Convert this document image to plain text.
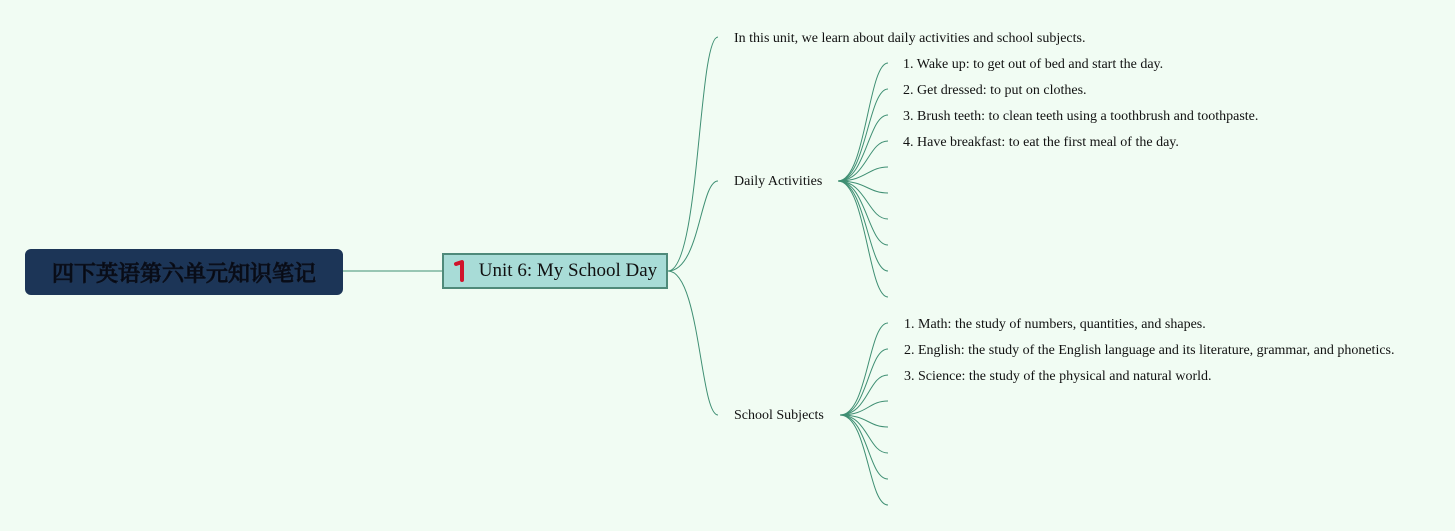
四下英语第六单元知识笔记	Unit 6: My School Day
In this unit, we learn about daily activities and school subjects.
Daily Activities
1. Wake up: to get out of bed and start the day.
2. Get dressed: to put on clothes.
3. Brush teeth: to clean teeth using a toothbrush and toothpaste.
4. Have breakfast: to eat the first meal of the day.
School Subjects
1. Math: the study of numbers, quantities, and shapes.
2. English: the study of the English language and its literature, grammar, and phonetics.
3. Science: the study of the physical and natural world.
